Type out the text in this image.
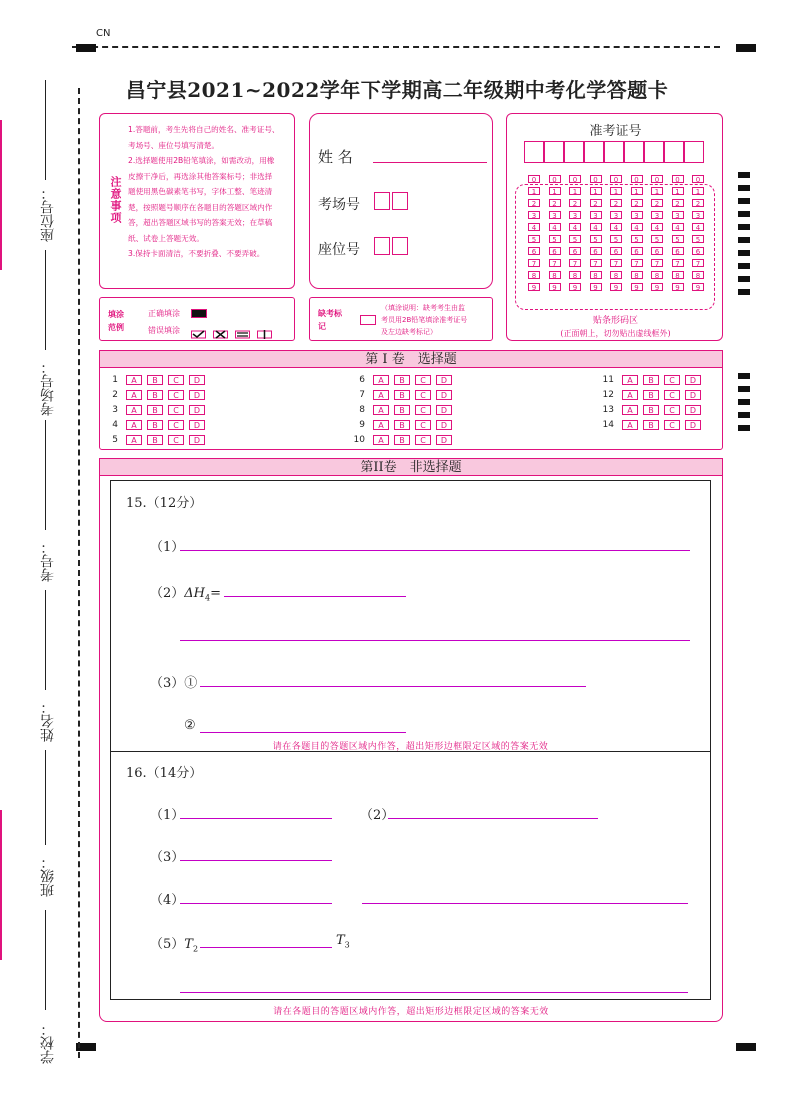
CN
座位号：
考场号：
考号：
姓名：
班级：
学校：
昌宁县2021~2022学年下学期高二年级期中考化学答题卡
注意事项
1.答题前，考生先将自己的姓名、准考证号、
考场号、座位号填写清楚。
2.选择题使用2B铅笔填涂，如需改动，用橡
皮擦干净后，再选涂其他答案标号；非选择
题使用黑色碳素笔书写，字体工整、笔迹清
楚，按照题号顺序在各题目的答题区域内作
答，超出答题区域书写的答案无效；在草稿
纸、试卷上答题无效。
3.保持卡面清洁，不要折叠、不要弄破。
姓 名
考场号
座位号
准考证号
0	0	0	0	0	0	0	0	0
1	1	1	1	1	1	1	1	1
2	2	2	2	2	2	2	2	2
3	3	3	3	3	3	3	3	3
4	4	4	4	4	4	4	4	4
5	5	5	5	5	5	5	5	5
6	6	6	6	6	6	6	6	6
7	7	7	7	7	7	7	7	7
8	8	8	8	8	8	8	8	8
9	9	9	9	9	9	9	9	9
贴条形码区
(正面朝上，切勿贴出虚线框外)
填涂范例
正确填涂
错误填涂
缺考标记
（填涂说明：缺考考生由监
考员用2B铅笔填涂准考证号
及左边缺考标记）
第 I 卷　选择题
1	A	B	C	D
2	A	B	C	D
3	A	B	C	D
4	A	B	C	D
5	A	B	C	D
6	A	B	C	D
7	A	B	C	D
8	A	B	C	D
9	A	B	C	D
10	A	B	C	D
11	A	B	C	D
12	A	B	C	D
13	A	B	C	D
14	A	B	C	D
第II卷　非选择题
15.（12分）
（1）
$(2)\Delta H_4=$
（3）①
②
请在各题目的答题区域内作答，超出矩形边框限定区域的答案无效
16.（14分）
（1）	（2）
（3）
（4）
$(5)T_2$
$T_3$
请在各题目的答题区域内作答，超出矩形边框限定区域的答案无效
